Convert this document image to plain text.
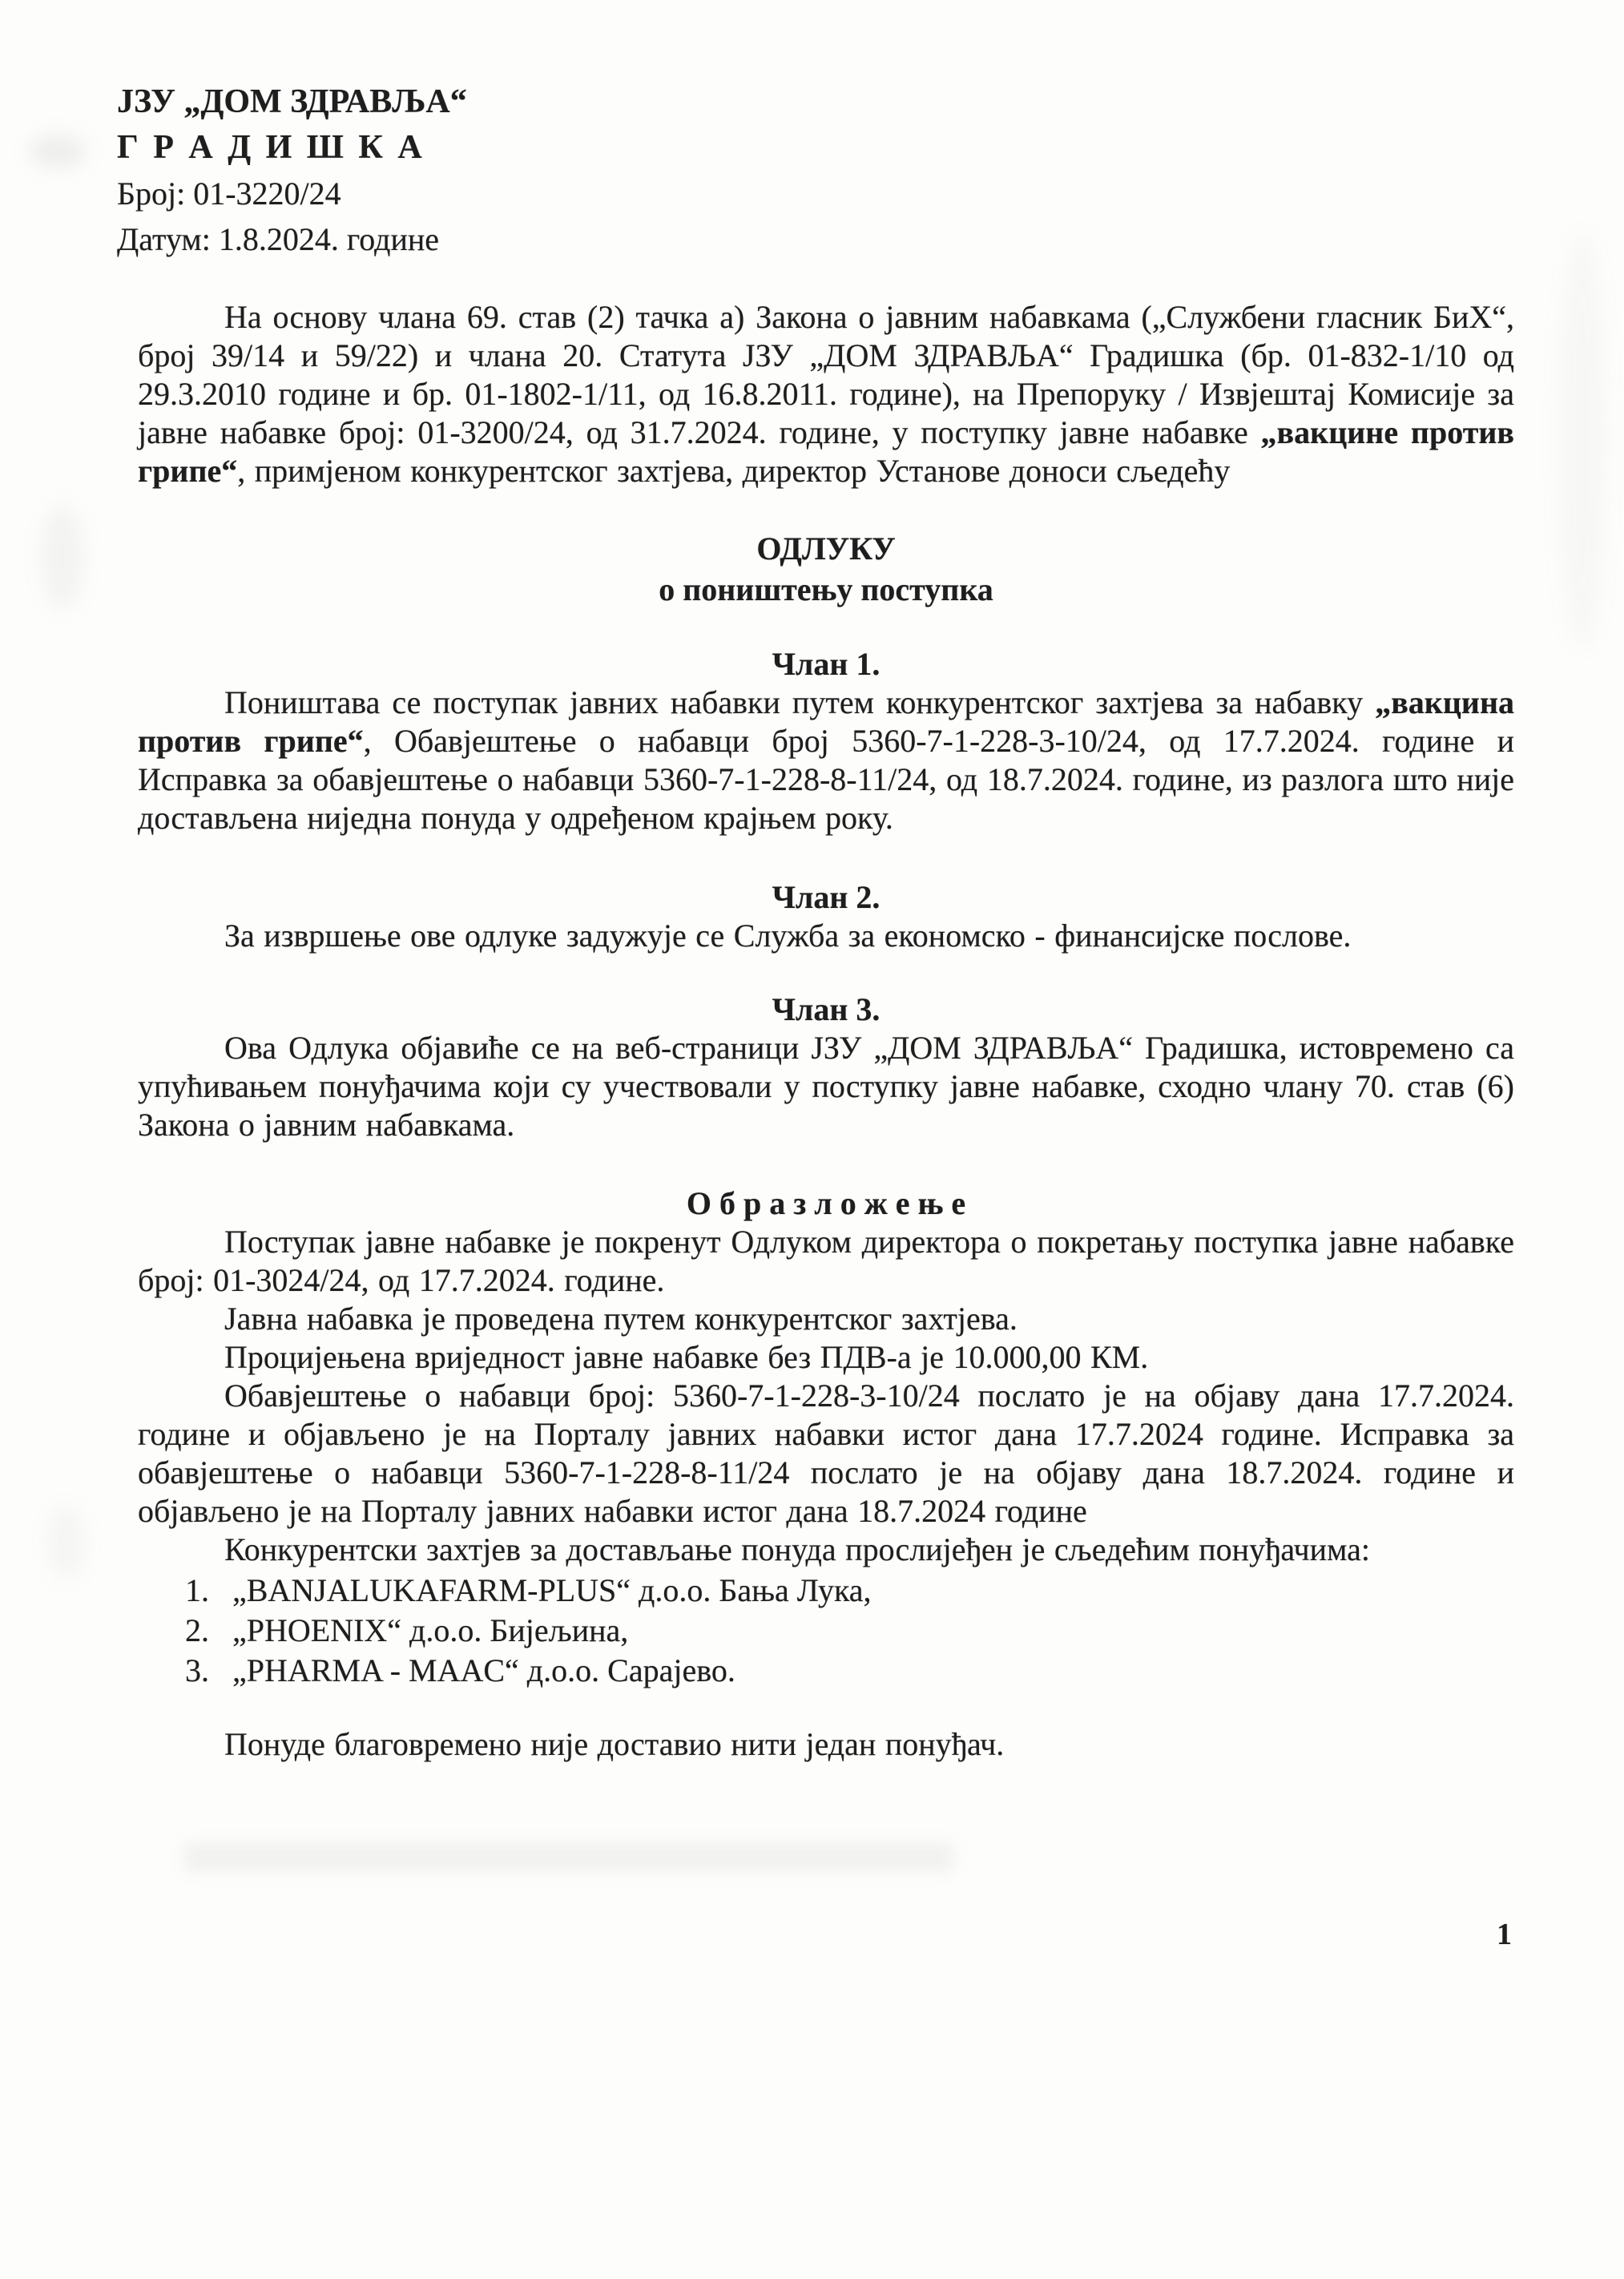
ЈЗУ „ДОМ ЗДРАВЉА“
Г Р А Д И Ш К А
Број: 01-3220/24
Датум: 1.8.2024. године

На основу члана 69. став (2) тачка а) Закона о јавним набавкама („Службени гласник БиХ“, број 39/14 и 59/22) и члана 20. Статута ЈЗУ „ДОМ ЗДРАВЉА“ Градишка (бр. 01-832-1/10 од 29.3.2010 године и бр. 01-1802-1/11, од 16.8.2011. године), на Препоруку / Извјештај Комисије за јавне набавке број: 01-3200/24, од 31.7.2024. године, у поступку јавне набавке „вакцине против грипе“, примјеном конкурентског захтјева, директор Установе доноси сљедећу

ОДЛУКУ
о поништењу поступка
Члан 1.

Поништава се поступак јавних набавки путем конкурентског захтјева за набавку „вакцина против грипе“, Обавјештење о набавци број 5360-7-1-228-3-10/24, од 17.7.2024. године и Исправка за обавјештење о набавци 5360-7-1-228-8-11/24, од 18.7.2024. године, из разлога што није достављена ниједна понуда у одређеном крајњем року.

Члан 2.

За извршење ове одлуке задужује се Служба за економско - финансијске послове.

Члан 3.

Ова Одлука објавиће се на веб-страници ЈЗУ „ДОМ ЗДРАВЉА“ Градишка, истовремено са упућивањем понуђачима који су учествовали у поступку јавне набавке, сходно члану 70. став (6) Закона о јавним набавкама.

О б р а з л о ж е њ е

Поступак јавне набавке је покренут Одлуком директора о покретању поступка јавне набавке број: 01-3024/24, од 17.7.2024. године.

Јавна набавка је проведена путем конкурентског захтјева.

Процијењена вриједност јавне набавке без ПДВ-а је 10.000,00 КМ.

Обавјештење о набавци број: 5360-7-1-228-3-10/24 послато је на објаву дана 17.7.2024. године и објављено је на Порталу јавних набавки истог дана 17.7.2024 године. Исправка за обавјештење о набавци 5360-7-1-228-8-11/24 послато је на објаву дана 18.7.2024. године и објављено је на Порталу јавних набавки истог дана 18.7.2024 године

Конкурентски захтјев за достављање понуда прослијеђен је сљедећим понуђачима:

1. „BANJALUKAFARM-PLUS“ д.о.о. Бања Лука,
2. „PHOENIX“ д.о.о. Бијељина,
3. „PHARMA - MAAC“ д.о.о. Сарајево.

Понуде благовремено није доставио нити један понуђач.

1
